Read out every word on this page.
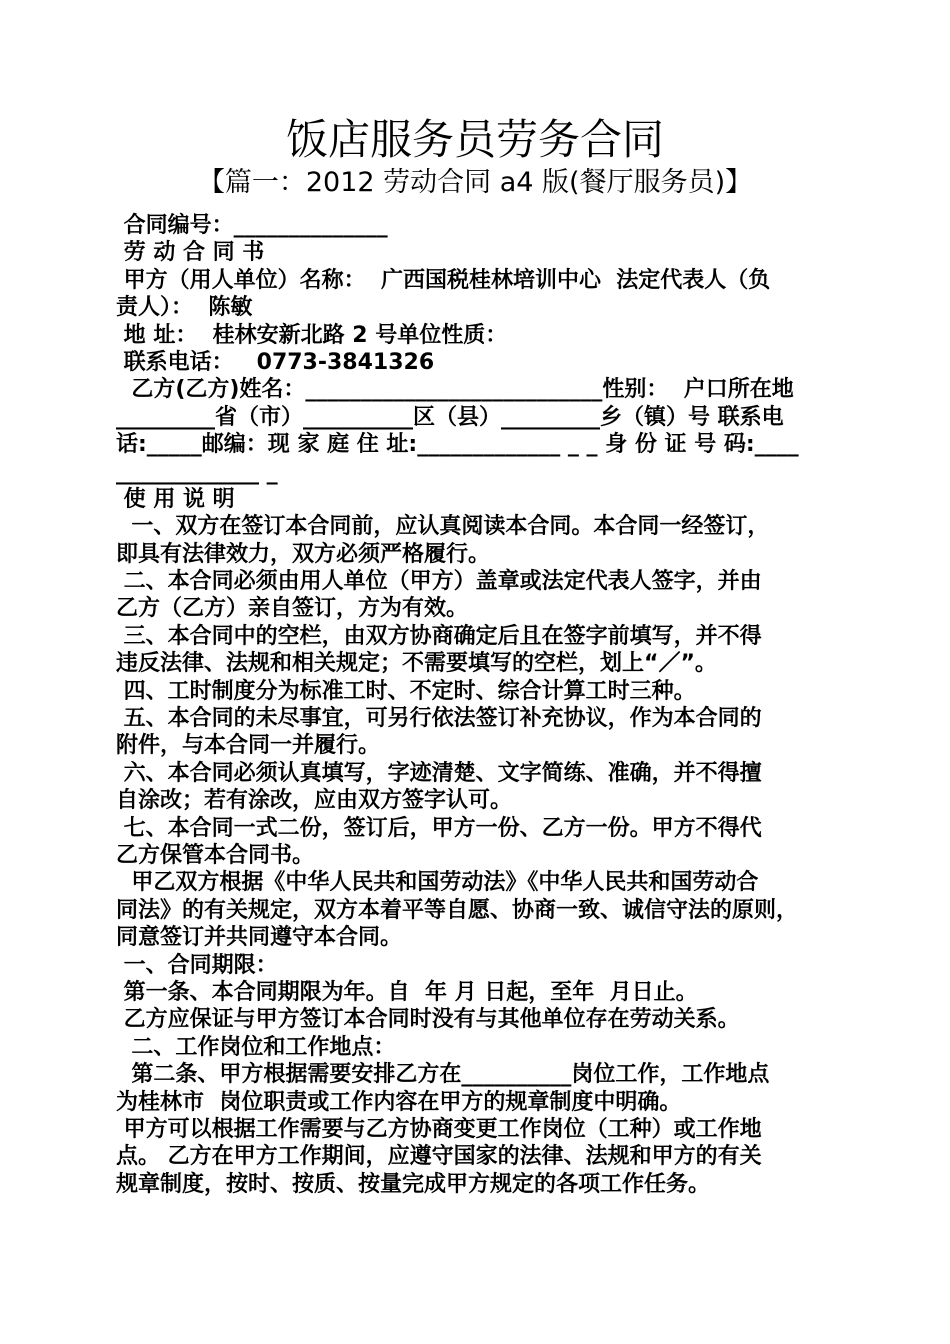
饭店服务员劳务合同

【篇一：2012 劳动合同 a4 版(餐厅服务员)】

合同编号：______________
劳 动 合 同 书
甲方（用人单位）名称：  广西国税桂林培训中心  法定代表人（负
责人）：  陈敏
地 址：  桂林安新北路 2 号单位性质：
联系电话：   0773-3841326
乙方(乙方)姓名：___________________________性别：  户口所在地
_________省（市）__________区（县）_________乡（镇）号 联系电
话:_____邮编：现 家 庭 住 址:_____________ _ _ 身 份 证 号 码:____
_____________ _
使 用 说 明
一、双方在签订本合同前，应认真阅读本合同。本合同一经签订，
即具有法律效力，双方必须严格履行。
二、本合同必须由用人单位（甲方）盖章或法定代表人签字，并由
乙方（乙方）亲自签订，方为有效。
三、本合同中的空栏，由双方协商确定后且在签字前填写，并不得
违反法律、法规和相关规定；不需要填写的空栏，划上“／”。
四、工时制度分为标准工时、不定时、综合计算工时三种。
五、本合同的未尽事宜，可另行依法签订补充协议，作为本合同的
附件，与本合同一并履行。
六、本合同必须认真填写，字迹清楚、文字简练、准确，并不得擅
自涂改；若有涂改，应由双方签字认可。
七、本合同一式二份，签订后，甲方一份、乙方一份。甲方不得代
乙方保管本合同书。
甲乙双方根据《中华人民共和国劳动法》《中华人民共和国劳动合
同法》的有关规定，双方本着平等自愿、协商一致、诚信守法的原则，
同意签订并共同遵守本合同。
一、合同期限：
第一条、本合同期限为年。自  年 月 日起，至年  月日止。
乙方应保证与甲方签订本合同时没有与其他单位存在劳动关系。
二、工作岗位和工作地点：
第二条、甲方根据需要安排乙方在__________岗位工作，工作地点
为桂林市  岗位职责或工作内容在甲方的规章制度中明确。
甲方可以根据工作需要与乙方协商变更工作岗位（工种）或工作地
点。 乙方在甲方工作期间，应遵守国家的法律、法规和甲方的有关
规章制度，按时、按质、按量完成甲方规定的各项工作任务。
